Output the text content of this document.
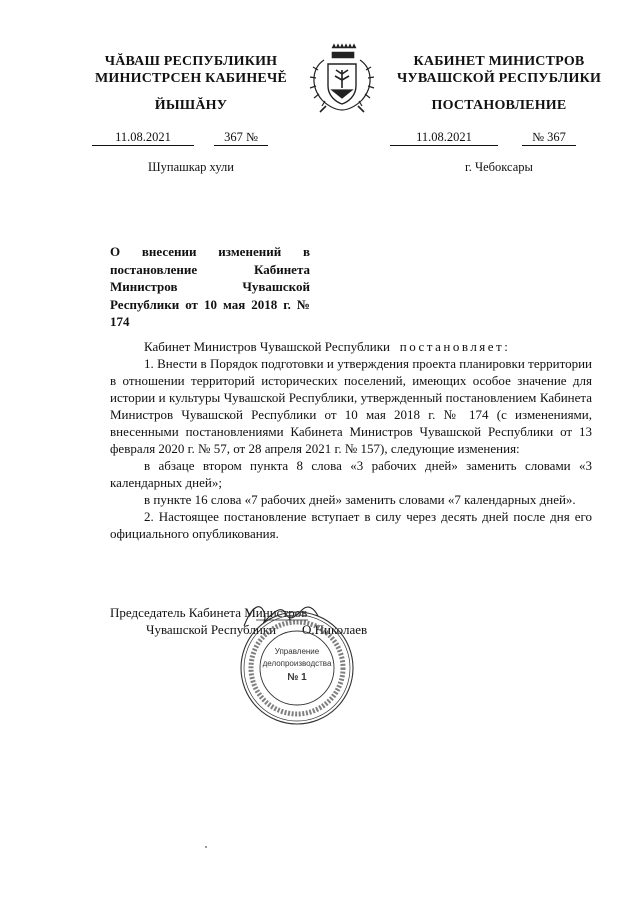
ЧĂВАШ РЕСПУБЛИКИН
МИНИСТРСЕН КАБИНЕЧĚ
ЙЫШĂНУ
11.08.2021	367 №
Шупашкар хули
КАБИНЕТ МИНИСТРОВ
ЧУВАШСКОЙ РЕСПУБЛИКИ
ПОСТАНОВЛЕНИЕ
11.08.2021	№ 367
г. Чебоксары
О внесении изменений в постановление Кабинета Министров Чувашской Республики от 10 мая 2018 г. № 174

Кабинет Министров Чувашской Республики постановляет:

1. Внести в Порядок подготовки и утверждения проекта планировки территории в отношении территорий исторических поселений, имеющих особое значение для истории и культуры Чувашской Республики, утвержденный постановлением Кабинета Министров Чувашской Республики от 10 мая 2018 г. № 174 (с изменениями, внесенными постановлениями Кабинета Министров Чувашской Республики от 13 февраля 2020 г. № 57, от 28 апреля 2021 г. № 157), следующие изменения:

в абзаце втором пункта 8 слова «3 рабочих дней» заменить словами «3 календарных дней»;

в пункте 16 слова «7 рабочих дней» заменить словами «7 календарных дней».

2. Настоящее постановление вступает в силу через десять дней после дня его официального опубликования.

Председатель Кабинета Министров
Чувашской Республики О.Николаев
Управление
делопроизводства
№ 1
